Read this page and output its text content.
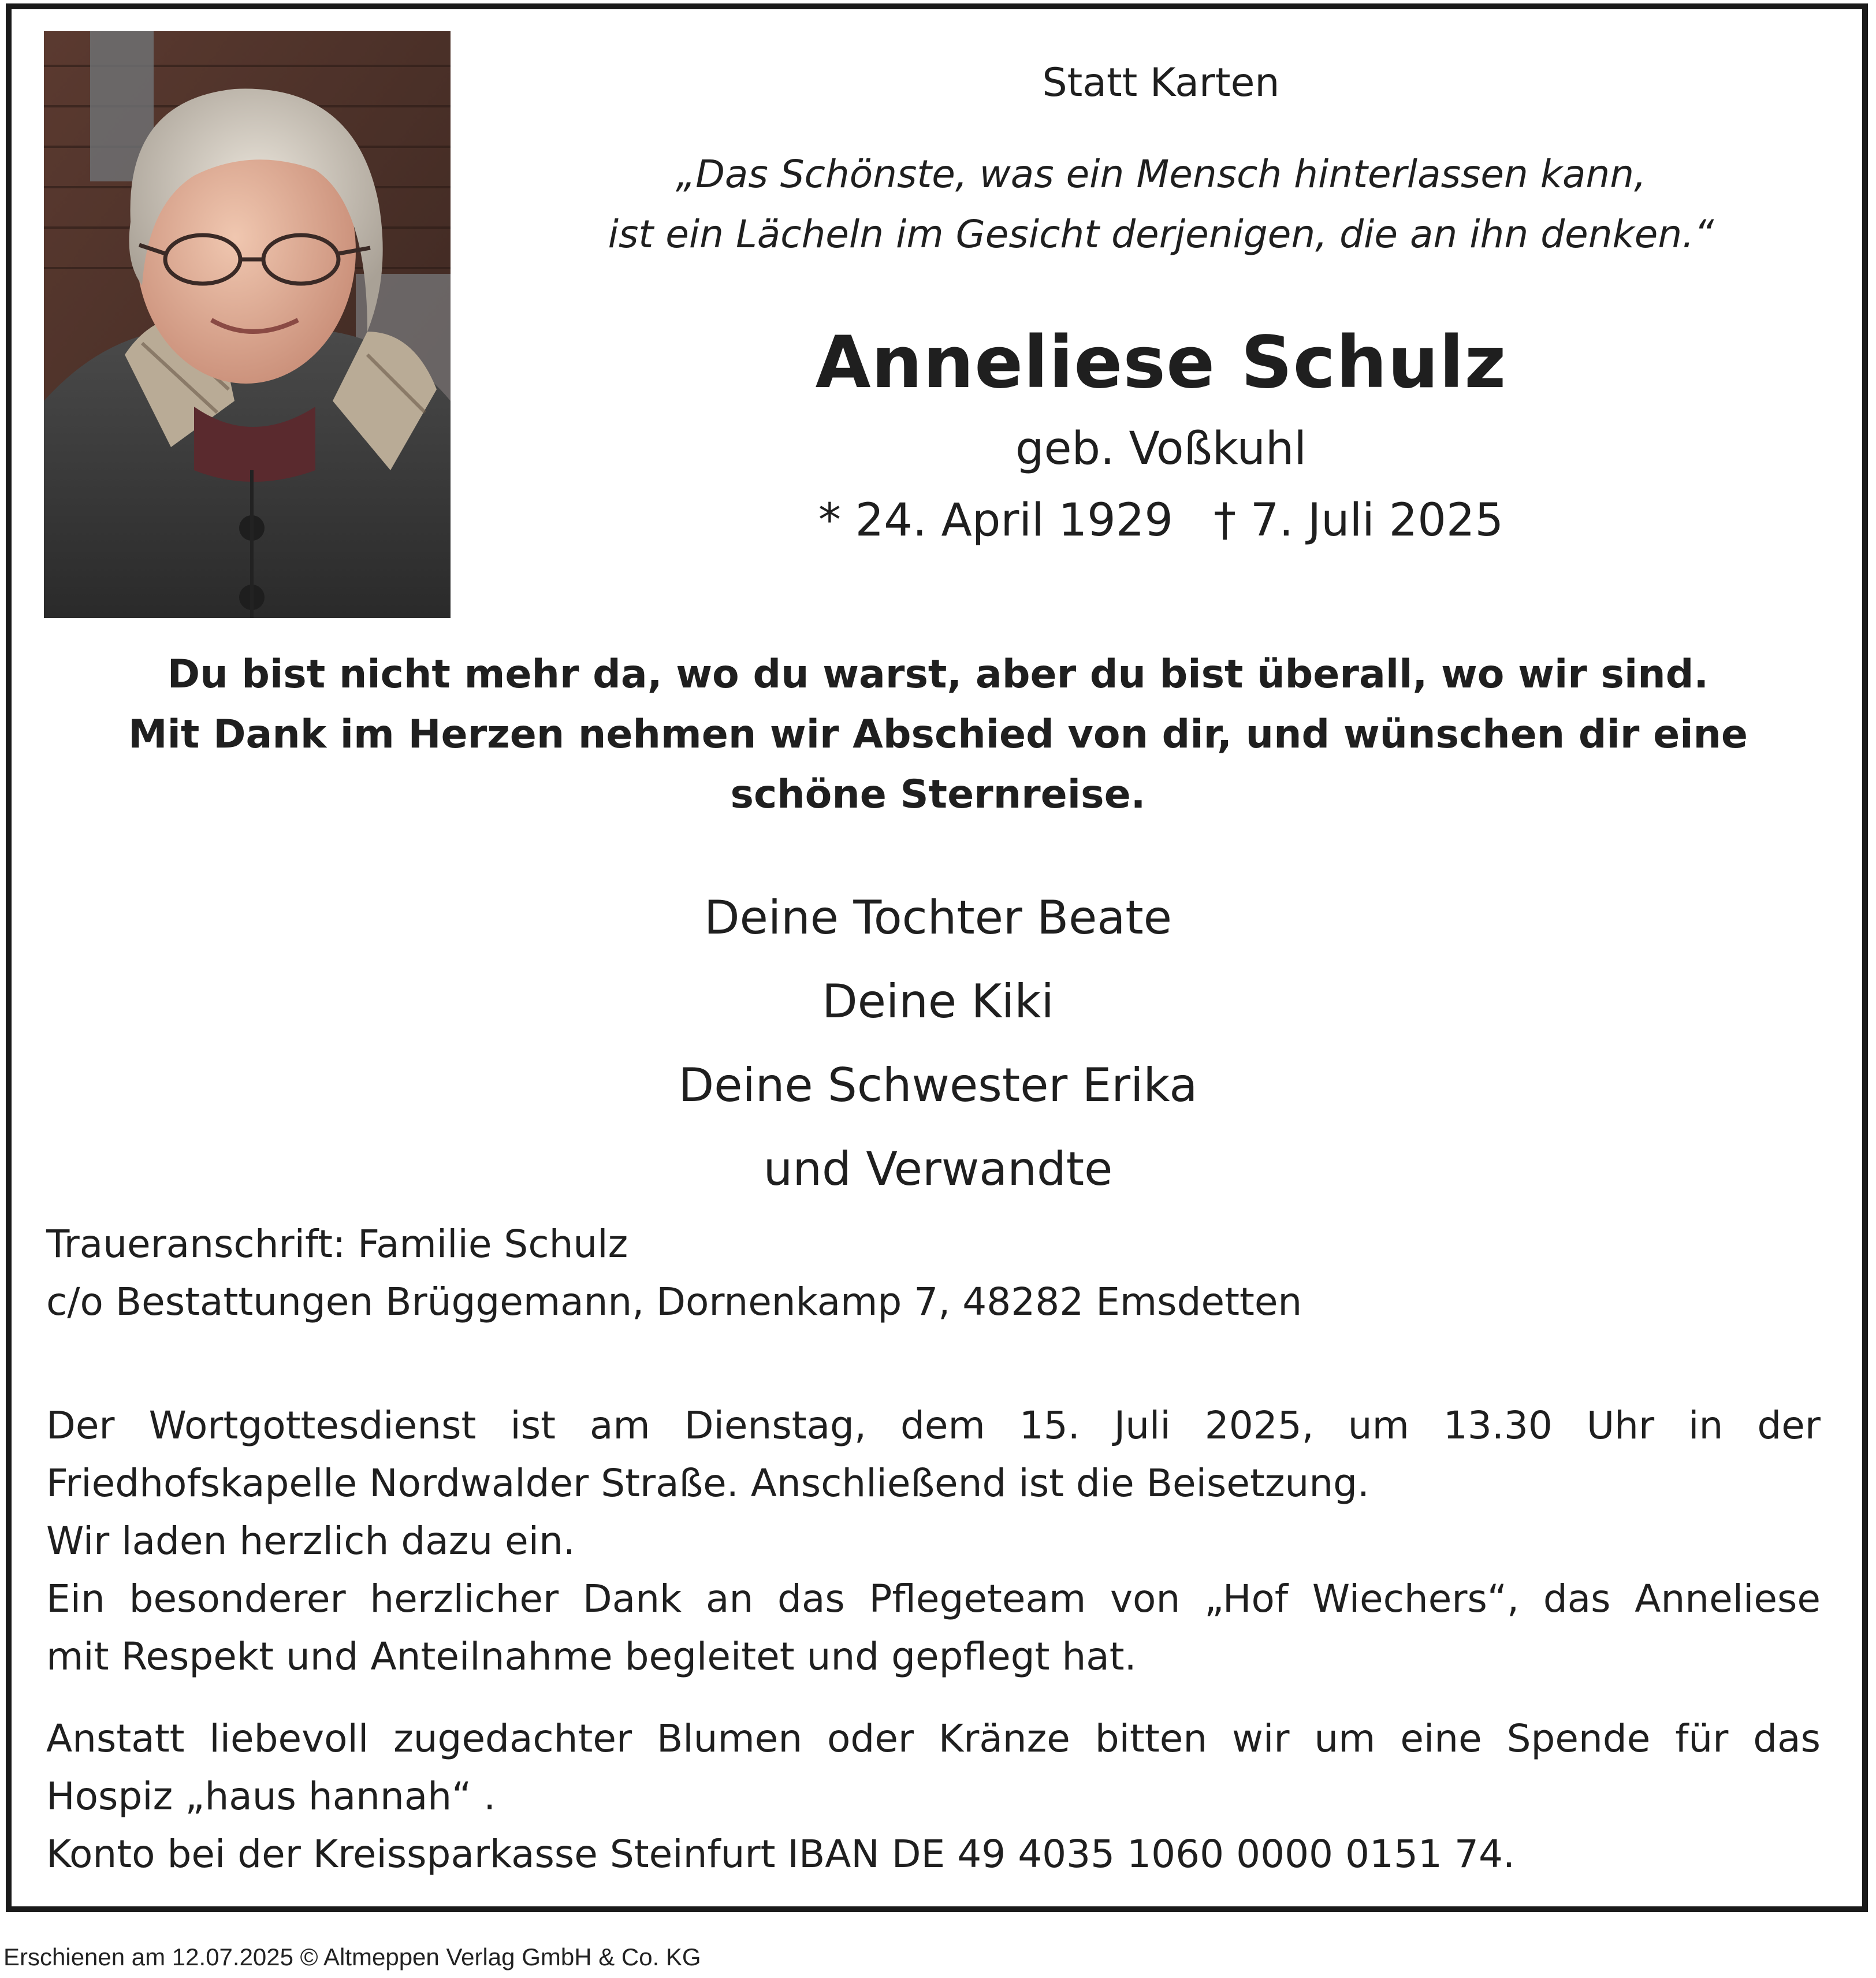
Statt Karten
„Das Schönste, was ein Mensch hinterlassen kann,
ist ein Lächeln im Gesicht derjenigen, die an ihn denken.“
Anneliese Schulz
geb. Voßkuhl
* 24. April 1929 † 7. Juli 2025
Du bist nicht mehr da, wo du warst, aber du bist überall, wo wir sind.
Mit Dank im Herzen nehmen wir Abschied von dir, und wünschen dir eine
schöne Sternreise.
Deine Tochter Beate
Deine Kiki
Deine Schwester Erika
und Verwandte
Traueranschrift: Familie Schulz
c/o Bestattungen Brüggemann, Dornenkamp 7, 48282 Emsdetten
Der Wortgottesdienst ist am Dienstag, dem 15. Juli 2025, um 13.30 Uhr in der
Friedhofskapelle Nordwalder Straße. Anschließend ist die Beisetzung.
Wir laden herzlich dazu ein.
Ein besonderer herzlicher Dank an das Pflegeteam von „Hof Wiechers“, das Anneliese
mit Respekt und Anteilnahme begleitet und gepflegt hat.
Anstatt liebevoll zugedachter Blumen oder Kränze bitten wir um eine Spende für das
Hospiz „haus hannah“ .
Konto bei der Kreissparkasse Steinfurt IBAN DE 49 4035 1060 0000 0151 74.
Erschienen am 12.07.2025 © Altmeppen Verlag GmbH & Co. KG
